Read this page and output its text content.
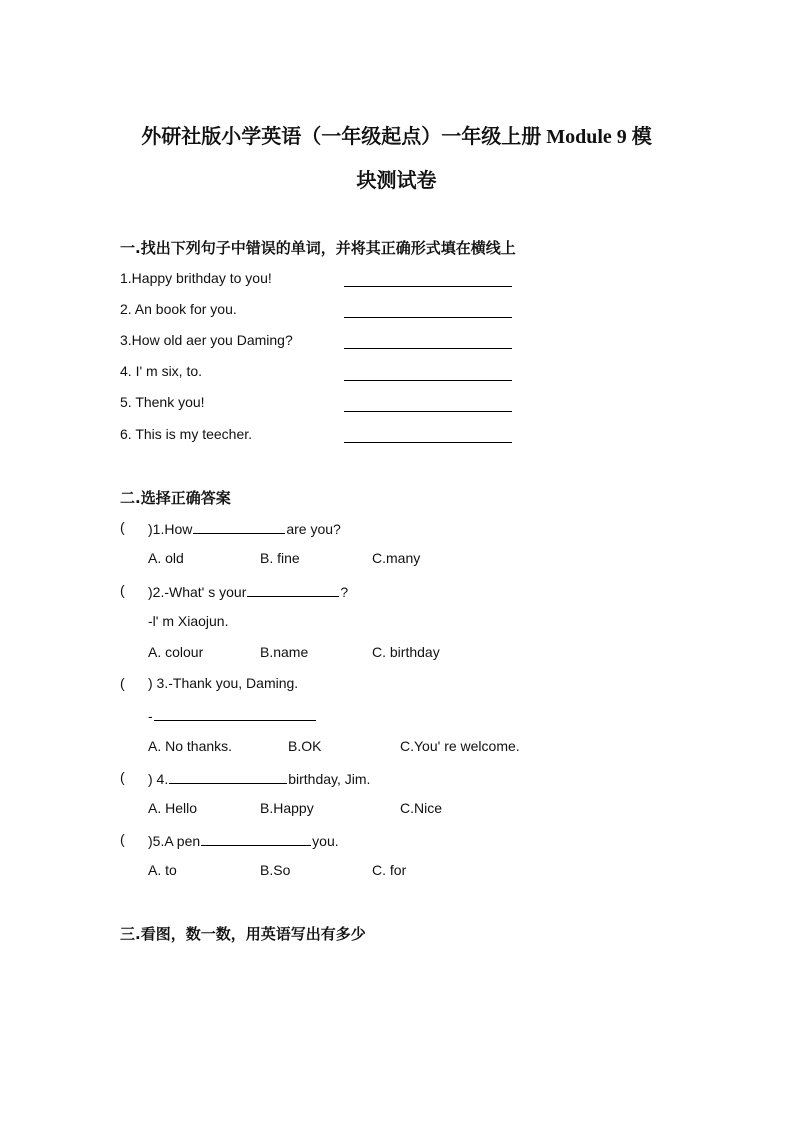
外研社版小学英语（一年级起点）一年级上册 Module 9 模
块测试卷
一.找出下列句子中错误的单词，并将其正确形式填在横线上
1.Happy brithday to you!
2. An book for you.
3.How old aer you Daming?
4. I' m six, to.
5. Thenk you!
6. This is my teecher.
二.选择正确答案
( )1.How	are you?
A. old	B. fine	C.many
( )2.-What' s your	?
-l' m Xiaojun.
A. colour	B.name	C. birthday
( ) 3.-Thank you, Daming.
-
A. No thanks.	B.OK	C.You' re welcome.
( ) 4.	birthday, Jim.
A. Hello	B.Happy	C.Nice
( )5.A pen	you.
A. to	B.So	C. for
三.看图，数一数，用英语写出有多少
